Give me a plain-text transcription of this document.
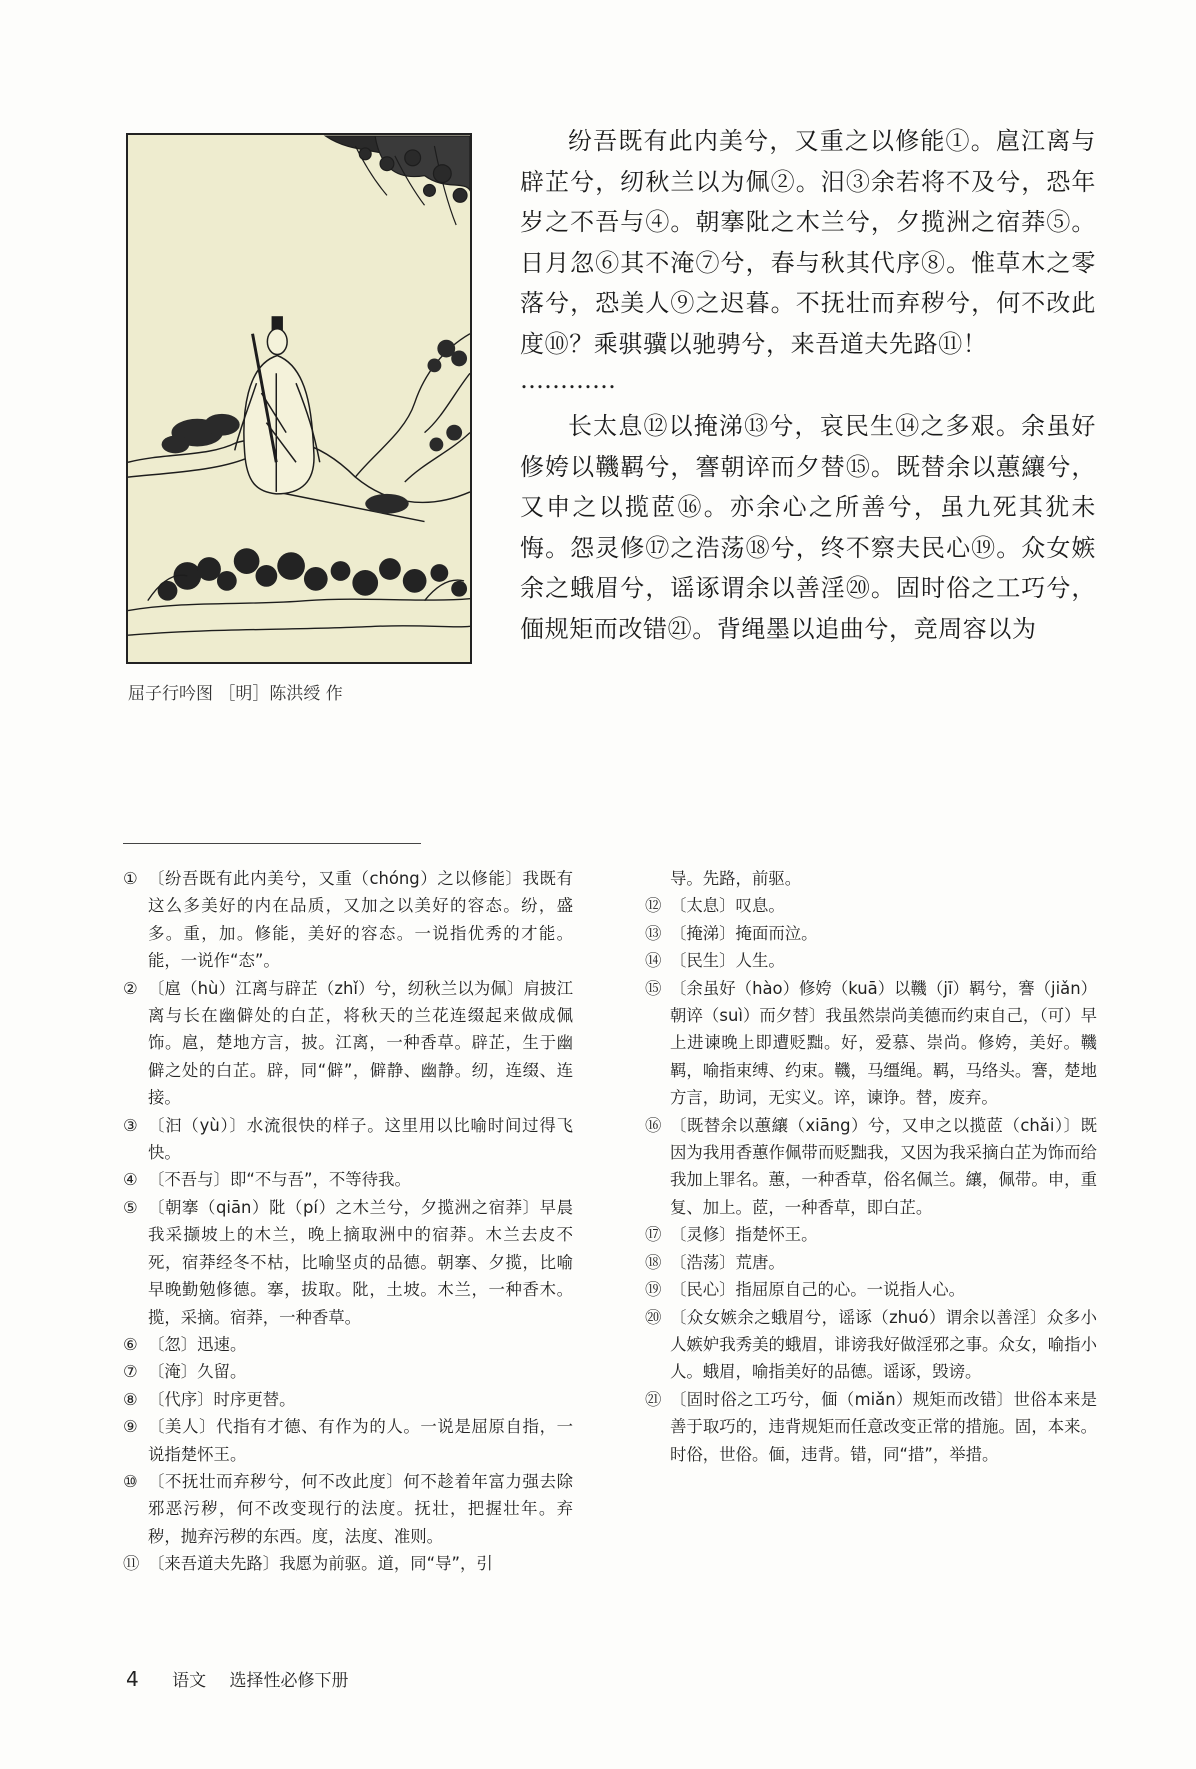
屈子行吟图 ［明］陈洪绶 作

纷吾既有此内美兮，又重之以修能①。扈江离与辟芷兮，纫秋兰以为佩②。汨③余若将不及兮，恐年岁之不吾与④。朝搴阰之木兰兮，夕揽洲之宿莽⑤。日月忽⑥其不淹⑦兮，春与秋其代序⑧。惟草木之零落兮，恐美人⑨之迟暮。不抚壮而弃秽兮，何不改此度⑩？乘骐骥以驰骋兮，来吾道夫先路⑪！

…………

长太息⑫以掩涕⑬兮，哀民生⑭之多艰。余虽好修姱以鞿羁兮，謇朝谇而夕替⑮。既替余以蕙纕兮，又申之以揽茝⑯。亦余心之所善兮，虽九死其犹未悔。怨灵修⑰之浩荡⑱兮，终不察夫民心⑲。众女嫉余之蛾眉兮，谣诼谓余以善淫⑳。固时俗之工巧兮，偭规矩而改错㉑。背绳墨以追曲兮，竞周容以为

① 〔纷吾既有此内美兮，又重（chóng）之以修能〕我既有这么多美好的内在品质，又加之以美好的容态。纷，盛多。重，加。修能，美好的容态。一说指优秀的才能。能，一说作“态”。
② 〔扈（hù）江离与辟芷（zhǐ）兮，纫秋兰以为佩〕肩披江离与长在幽僻处的白芷，将秋天的兰花连缀起来做成佩饰。扈，楚地方言，披。江离，一种香草。辟芷，生于幽僻之处的白芷。辟，同“僻”，僻静、幽静。纫，连缀、连接。
③ 〔汩（yù）〕水流很快的样子。这里用以比喻时间过得飞快。
④ 〔不吾与〕即“不与吾”，不等待我。
⑤ 〔朝搴（qiān）阰（pí）之木兰兮，夕揽洲之宿莽〕早晨我采撷坡上的木兰，晚上摘取洲中的宿莽。木兰去皮不死，宿莽经冬不枯，比喻坚贞的品德。朝搴、夕揽，比喻早晚勤勉修德。搴，拔取。阰，土坡。木兰，一种香木。揽，采摘。宿莽，一种香草。
⑥ 〔忽〕迅速。
⑦ 〔淹〕久留。
⑧ 〔代序〕时序更替。
⑨ 〔美人〕代指有才德、有作为的人。一说是屈原自指，一说指楚怀王。
⑩ 〔不抚壮而弃秽兮，何不改此度〕何不趁着年富力强去除邪恶污秽，何不改变现行的法度。抚壮，把握壮年。弃秽，抛弃污秽的东西。度，法度、准则。
⑪ 〔来吾道夫先路〕我愿为前驱。道，同“导”，引
导。先路，前驱。
⑫ 〔太息〕叹息。
⑬ 〔掩涕〕掩面而泣。
⑭ 〔民生〕人生。
⑮ 〔余虽好（hào）修姱（kuā）以鞿（jī）羁兮，謇（jiǎn）朝谇（suì）而夕替〕我虽然崇尚美德而约束自己，（可）早上进谏晚上即遭贬黜。好，爱慕、崇尚。修姱，美好。鞿羁，喻指束缚、约束。鞿，马缰绳。羁，马络头。謇，楚地方言，助词，无实义。谇，谏诤。替，废弃。
⑯ 〔既替余以蕙纕（xiāng）兮，又申之以揽茝（chǎi）〕既因为我用香蕙作佩带而贬黜我，又因为我采摘白芷为饰而给我加上罪名。蕙，一种香草，俗名佩兰。纕，佩带。申，重复、加上。茝，一种香草，即白芷。
⑰ 〔灵修〕指楚怀王。
⑱ 〔浩荡〕荒唐。
⑲ 〔民心〕指屈原自己的心。一说指人心。
⑳ 〔众女嫉余之蛾眉兮，谣诼（zhuó）谓余以善淫〕众多小人嫉妒我秀美的蛾眉，诽谤我好做淫邪之事。众女，喻指小人。蛾眉，喻指美好的品德。谣诼，毁谤。
㉑ 〔固时俗之工巧兮，偭（miǎn）规矩而改错〕世俗本来是善于取巧的，违背规矩而任意改变正常的措施。固，本来。时俗，世俗。偭，违背。错，同“措”，举措。
4 语文 选择性必修下册
